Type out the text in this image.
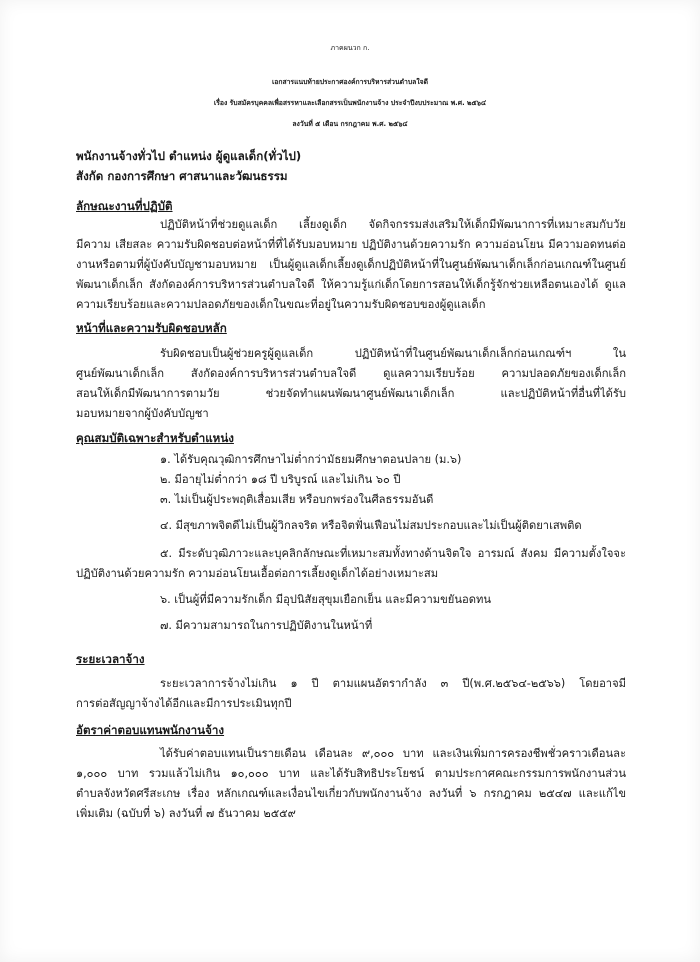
ภาคผนวก ก.
เอกสารแนบท้ายประกาศองค์การบริหารส่วนตำบลใจดี
เรื่อง รับสมัครบุคคลเพื่อสรรหาและเลือกสรรเป็นพนักงานจ้าง ประจำปีงบประมาณ พ.ศ. ๒๕๖๔
ลงวันที่ ๕ เดือน กรกฎาคม พ.ศ. ๒๕๖๔
พนักงานจ้างทั่วไป ตำแหน่ง ผู้ดูแลเด็ก(ทั่วไป)
สังกัด กองการศึกษา ศาสนาและวัฒนธรรม
ลักษณะงานที่ปฏิบัติ
ปฏิบัติหน้าที่ช่วยดูแลเด็ก เลี้ยงดูเด็ก จัดกิจกรรมส่งเสริมให้เด็กมีพัฒนาการที่เหมาะสมกับวัย
มีความ เสียสละ ความรับผิดชอบต่อหน้าที่ที่ได้รับมอบหมาย ปฏิบัติงานด้วยความรัก ความอ่อนโยน มีความอดทนต่อ
งานหรือตามที่ผู้บังคับบัญชามอบหมาย เป็นผู้ดูแลเด็กเลี้ยงดูเด็กปฏิบัติหน้าที่ในศูนย์พัฒนาเด็กเล็กก่อนเกณฑ์ในศูนย์
พัฒนาเด็กเล็ก สังกัดองค์การบริหารส่วนตำบลใจดี ให้ความรู้แก่เด็กโดยการสอนให้เด็กรู้จักช่วยเหลือตนเองได้ ดูแล
ความเรียบร้อยและความปลอดภัยของเด็กในขณะที่อยู่ในความรับผิดชอบของผู้ดูแลเด็ก
หน้าที่และความรับผิดชอบหลัก
รับผิดชอบเป็นผู้ช่วยครูผู้ดูแลเด็ก ปฏิบัติหน้าที่ในศูนย์พัฒนาเด็กเล็กก่อนเกณฑ์ฯ ใน
ศูนย์พัฒนาเด็กเล็ก สังกัดองค์การบริหารส่วนตำบลใจดี ดูแลความเรียบร้อย ความปลอดภัยของเด็กเล็ก
สอนให้เด็กมีพัฒนาการตามวัย ช่วยจัดทำแผนพัฒนาศูนย์พัฒนาเด็กเล็ก และปฏิบัติหน้าที่อื่นที่ได้รับ
มอบหมายจากผู้บังคับบัญชา
คุณสมบัติเฉพาะสำหรับตำแหน่ง
๑. ได้รับคุณวุฒิการศึกษาไม่ต่ำกว่ามัธยมศึกษาตอนปลาย (ม.๖)
๒. มีอายุไม่ต่ำกว่า ๑๘ ปี บริบูรณ์ และไม่เกิน ๖๐ ปี
๓. ไม่เป็นผู้ประพฤติเสื่อมเสีย หรือบกพร่องในศีลธรรมอันดี
๔. มีสุขภาพจิตดีไม่เป็นผู้วิกลจริต หรือจิตฟั่นเฟือนไม่สมประกอบและไม่เป็นผู้ติดยาเสพติด
๕. มีระดับวุฒิภาวะและบุคลิกลักษณะที่เหมาะสมทั้งทางด้านจิตใจ อารมณ์ สังคม มีความตั้งใจจะ
ปฏิบัติงานด้วยความรัก ความอ่อนโยนเอื้อต่อการเลี้ยงดูเด็กได้อย่างเหมาะสม
๖. เป็นผู้ที่มีความรักเด็ก มีอุปนิสัยสุขุมเยือกเย็น และมีความขยันอดทน
๗. มีความสามารถในการปฏิบัติงานในหน้าที่
ระยะเวลาจ้าง
ระยะเวลาการจ้างไม่เกิน ๑ ปี ตามแผนอัตรากำลัง ๓ ปี(พ.ศ.๒๕๖๔-๒๕๖๖) โดยอาจมี
การต่อสัญญาจ้างได้อีกและมีการประเมินทุกปี
อัตราค่าตอบแทนพนักงานจ้าง
ได้รับค่าตอบแทนเป็นรายเดือน เดือนละ ๙,๐๐๐ บาท และเงินเพิ่มการครองชีพชั่วคราวเดือนละ
๑,๐๐๐ บาท รวมแล้วไม่เกิน ๑๐,๐๐๐ บาท และได้รับสิทธิประโยชน์ ตามประกาศคณะกรรมการพนักงานส่วน
ตำบลจังหวัดศรีสะเกษ เรื่อง หลักเกณฑ์และเงื่อนไขเกี่ยวกับพนักงานจ้าง ลงวันที่ ๖ กรกฎาคม ๒๕๔๗ และแก้ไข
เพิ่มเติม (ฉบับที่ ๖) ลงวันที่ ๗ ธันวาคม ๒๕๕๙
